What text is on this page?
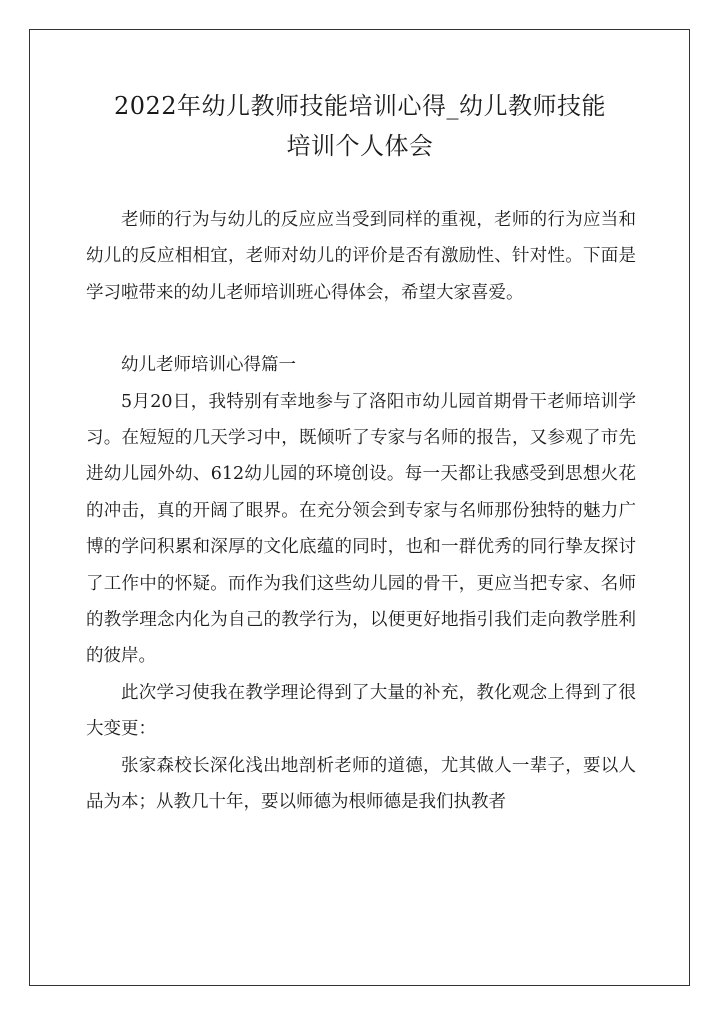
2022年幼儿教师技能培训心得_幼儿教师技能
培训个人体会

老师的行为与幼儿的反应应当受到同样的重视，老师的行为应当和幼儿的反应相相宜，老师对幼儿的评价是否有激励性、针对性。下面是学习啦带来的幼儿老师培训班心得体会，希望大家喜爱。

幼儿老师培训心得篇一

5月20日，我特别有幸地参与了洛阳市幼儿园首期骨干老师培训学习。在短短的几天学习中，既倾听了专家与名师的报告，又参观了市先进幼儿园外幼、612幼儿园的环境创设。每一天都让我感受到思想火花的冲击，真的开阔了眼界。在充分领会到专家与名师那份独特的魅力广博的学问积累和深厚的文化底蕴的同时，也和一群优秀的同行挚友探讨了工作中的怀疑。而作为我们这些幼儿园的骨干，更应当把专家、名师的教学理念内化为自己的教学行为，以便更好地指引我们走向教学胜利的彼岸。

此次学习使我在教学理论得到了大量的补充，教化观念上得到了很大变更：

张家森校长深化浅出地剖析老师的道德，尤其做人一辈子，要以人品为本；从教几十年，要以师德为根师德是我们执教者
